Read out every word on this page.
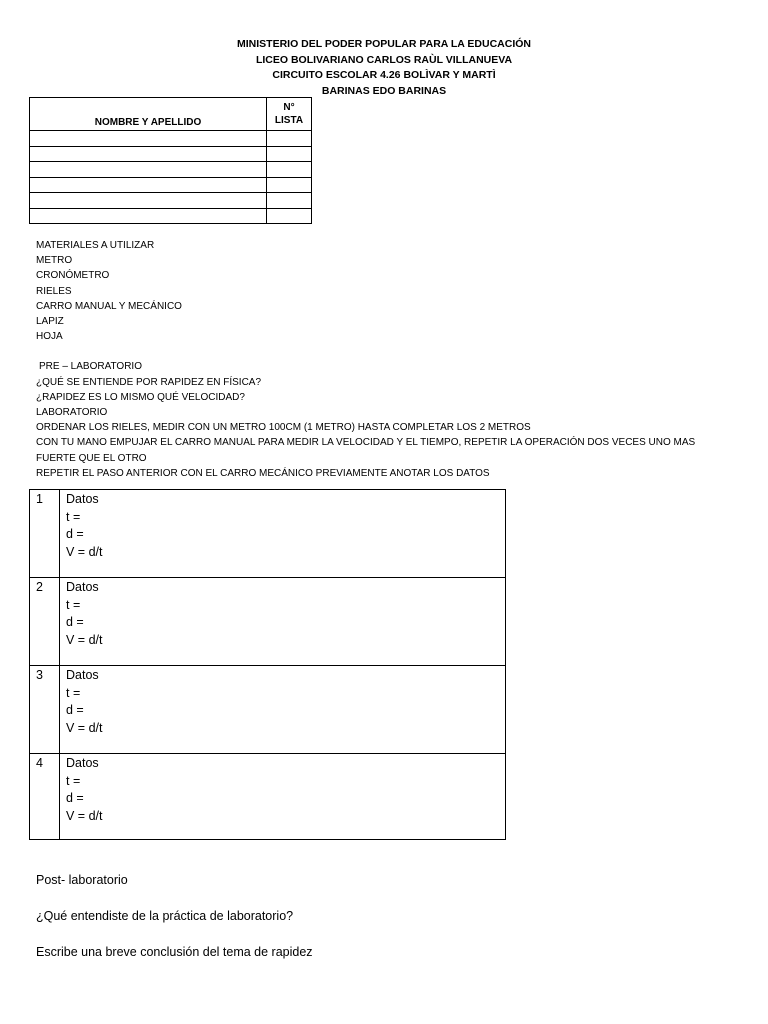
MINISTERIO DEL PODER POPULAR PARA LA EDUCACIÓN
LICEO BOLIVARIANO CARLOS RAÙL VILLANUEVA
CIRCUITO ESCOLAR 4.26 BOLÌVAR Y MARTÌ
BARINAS EDO BARINAS
NOMBRE Y APELLIDO	N°
LISTA

MATERIALES A UTILIZAR
METRO
CRONÓMETRO
RIELES
CARRO MANUAL Y MECÁNICO
LAPIZ
HOJA
PRE – LABORATORIO
¿QUÉ SE ENTIENDE POR RAPIDEZ EN FÍSICA?
¿RAPIDEZ ES LO MISMO QUÉ VELOCIDAD?
LABORATORIO
ORDENAR LOS RIELES, MEDIR CON UN METRO 100CM (1 METRO) HASTA COMPLETAR LOS 2 METROS
CON TU MANO EMPUJAR EL CARRO MANUAL PARA MEDIR LA VELOCIDAD Y EL TIEMPO, REPETIR LA OPERACIÓN DOS VECES UNO MAS FUERTE QUE EL OTRO
REPETIR EL PASO ANTERIOR CON EL CARRO MECÁNICO PREVIAMENTE ANOTAR LOS DATOS
1	Datos
t =
d =
V = d/t

2	Datos
t =
d =
V = d/t

3	Datos
t =
d =
V = d/t

4	Datos
t =
d =
V = d/t
Post- laboratorio
¿Qué entendiste de la práctica de laboratorio?
Escribe una breve conclusión del tema de rapidez
